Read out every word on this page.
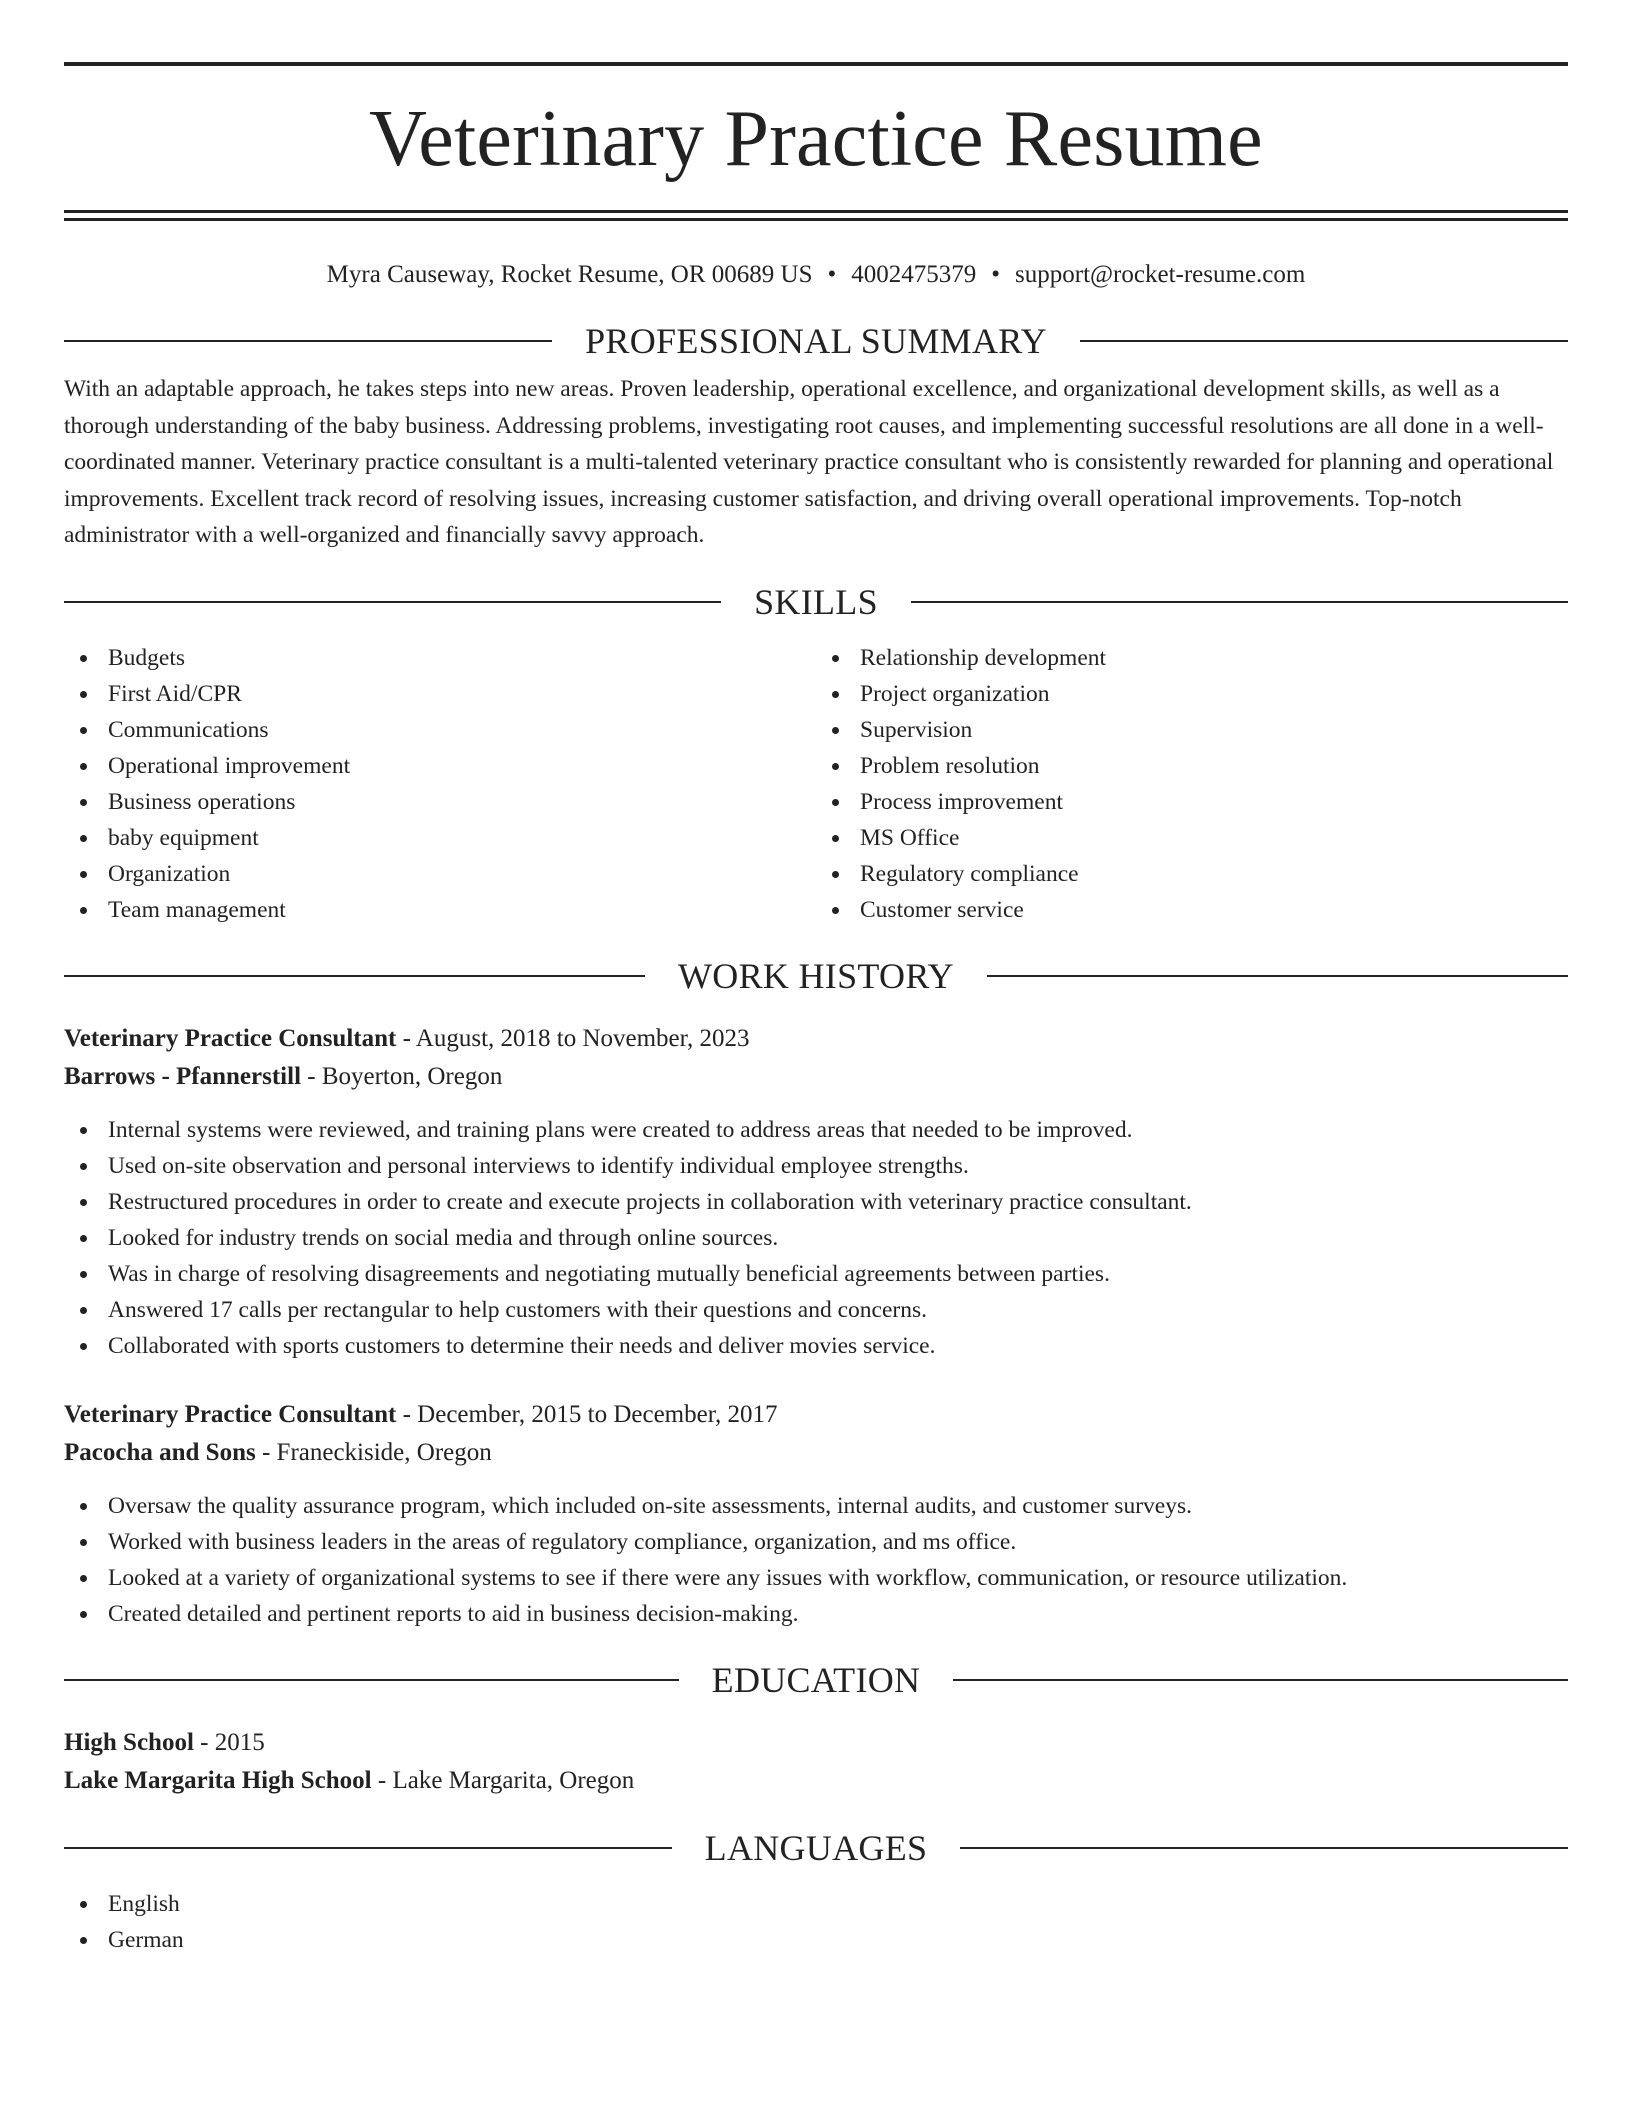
Veterinary Practice Resume
Myra Causeway, Rocket Resume, OR 00689 US • 4002475379 • support@rocket-resume.com
PROFESSIONAL SUMMARY

With an adaptable approach, he takes steps into new areas. Proven leadership, operational excellence, and organizational development skills, as well as a thorough understanding of the baby business. Addressing problems, investigating root causes, and implementing successful resolutions are all done in a well-coordinated manner. Veterinary practice consultant is a multi-talented veterinary practice consultant who is consistently rewarded for planning and operational improvements. Excellent track record of resolving issues, increasing customer satisfaction, and driving overall operational improvements. Top-notch administrator with a well-organized and financially savvy approach.

SKILLS
Budgets
First Aid/CPR
Communications
Operational improvement
Business operations
baby equipment
Organization
Team management
Relationship development
Project organization
Supervision
Problem resolution
Process improvement
MS Office
Regulatory compliance
Customer service
WORK HISTORY
Veterinary Practice Consultant - August, 2018 to November, 2023
Barrows - Pfannerstill - Boyerton, Oregon
Internal systems were reviewed, and training plans were created to address areas that needed to be improved.
Used on-site observation and personal interviews to identify individual employee strengths.
Restructured procedures in order to create and execute projects in collaboration with veterinary practice consultant.
Looked for industry trends on social media and through online sources.
Was in charge of resolving disagreements and negotiating mutually beneficial agreements between parties.
Answered 17 calls per rectangular to help customers with their questions and concerns.
Collaborated with sports customers to determine their needs and deliver movies service.
Veterinary Practice Consultant - December, 2015 to December, 2017
Pacocha and Sons - Franeckiside, Oregon
Oversaw the quality assurance program, which included on-site assessments, internal audits, and customer surveys.
Worked with business leaders in the areas of regulatory compliance, organization, and ms office.
Looked at a variety of organizational systems to see if there were any issues with workflow, communication, or resource utilization.
Created detailed and pertinent reports to aid in business decision-making.
EDUCATION
High School - 2015
Lake Margarita High School - Lake Margarita, Oregon
LANGUAGES
English
German
